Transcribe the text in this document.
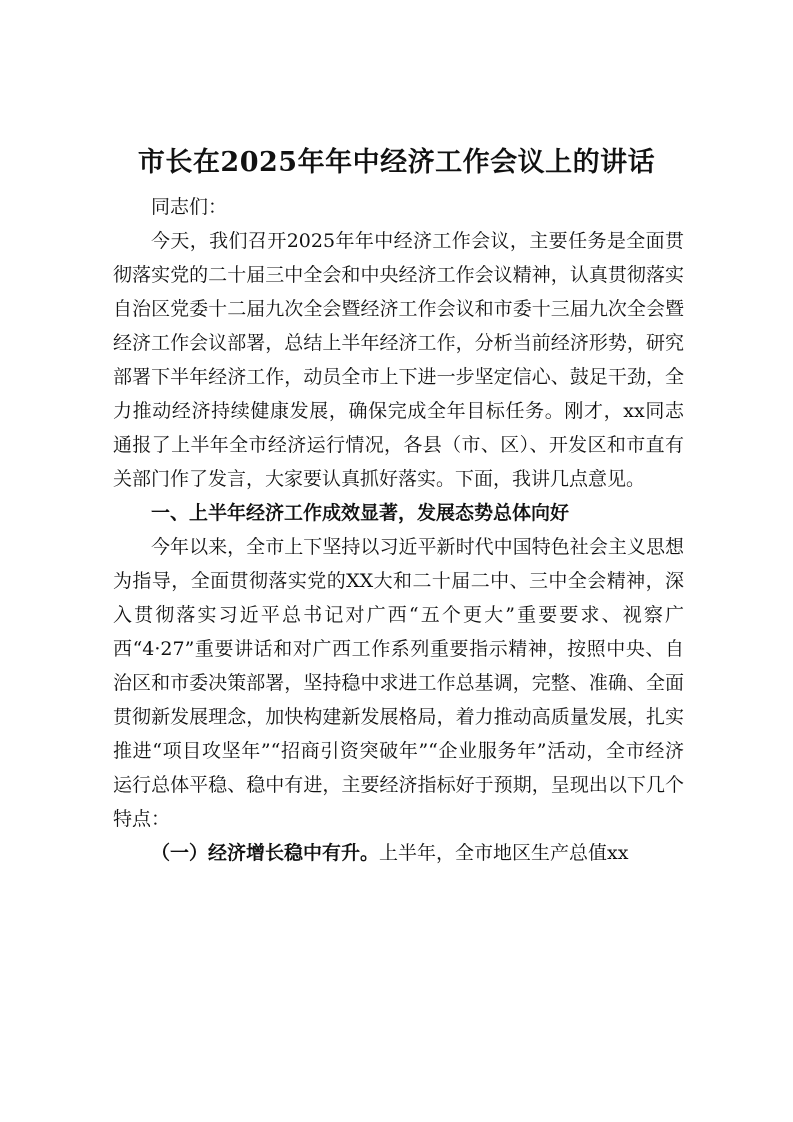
市长在2025年年中经济工作会议上的讲话

同志们：

今天，我们召开2025年年中经济工作会议，主要任务是全面贯彻落实党的二十届三中全会和中央经济工作会议精神，认真贯彻落实自治区党委十二届九次全会暨经济工作会议和市委十三届九次全会暨经济工作会议部署，总结上半年经济工作，分析当前经济形势，研究部署下半年经济工作，动员全市上下进一步坚定信心、鼓足干劲，全力推动经济持续健康发展，确保完成全年目标任务。刚才，xx同志通报了上半年全市经济运行情况，各县（市、区）、开发区和市直有关部门作了发言，大家要认真抓好落实。下面，我讲几点意见。

一、上半年经济工作成效显著，发展态势总体向好

今年以来，全市上下坚持以习近平新时代中国特色社会主义思想为指导，全面贯彻落实党的XX大和二十届二中、三中全会精神，深入贯彻落实习近平总书记对广西“五个更大”重要要求、视察广西“4·27”重要讲话和对广西工作系列重要指示精神，按照中央、自治区和市委决策部署，坚持稳中求进工作总基调，完整、准确、全面贯彻新发展理念，加快构建新发展格局，着力推动高质量发展，扎实推进“项目攻坚年”“招商引资突破年”“企业服务年”活动，全市经济运行总体平稳、稳中有进，主要经济指标好于预期，呈现出以下几个特点：

（一）经济增长稳中有升。上半年，全市地区生产总值xx
